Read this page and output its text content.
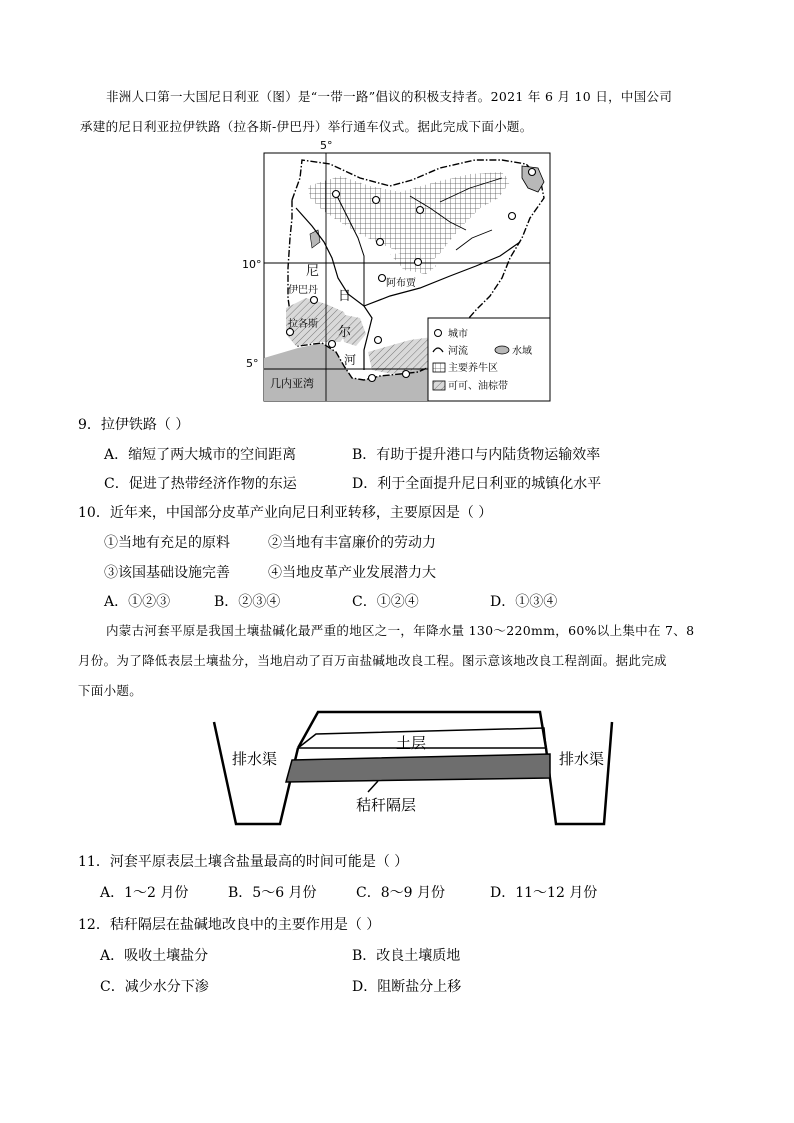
非洲人口第一大国尼日利亚（图）是“一带一路”倡议的积极支持者。2021 年 6 月 10 日，中国公司
承建的尼日利亚拉伊铁路（拉各斯-伊巴丹）举行通车仪式。据此完成下面小题。
5°
10°
5°
伊巴丹
拉各斯
阿布贾
尼
日
尔
河
几内亚湾
城市
河流	水域
主要养牛区
可可、油棕带
9．拉伊铁路（ ）
A．缩短了两大城市的空间距离	B．有助于提升港口与内陆货物运输效率
C．促进了热带经济作物的东运	D．利于全面提升尼日利亚的城镇化水平
10．近年来，中国部分皮革产业向尼日利亚转移，主要原因是（ ）
①当地有充足的原料	②当地有丰富廉价的劳动力
③该国基础设施完善	④当地皮革产业发展潜力大
A．①②③	B．②③④	C．①②④	D．①③④
内蒙古河套平原是我国土壤盐碱化最严重的地区之一，年降水量 130～220mm，60%以上集中在 7、8
月份。为了降低表层土壤盐分，当地启动了百万亩盐碱地改良工程。图示意该地改良工程剖面。据此完成
下面小题。
排水渠	排水渠
土层
秸秆隔层
11．河套平原表层土壤含盐量最高的时间可能是（ ）
A．1～2 月份	B．5～6 月份	C．8～9 月份	D．11～12 月份
12．秸秆隔层在盐碱地改良中的主要作用是（ ）
A．吸收土壤盐分	B．改良土壤质地
C．减少水分下渗	D．阻断盐分上移
